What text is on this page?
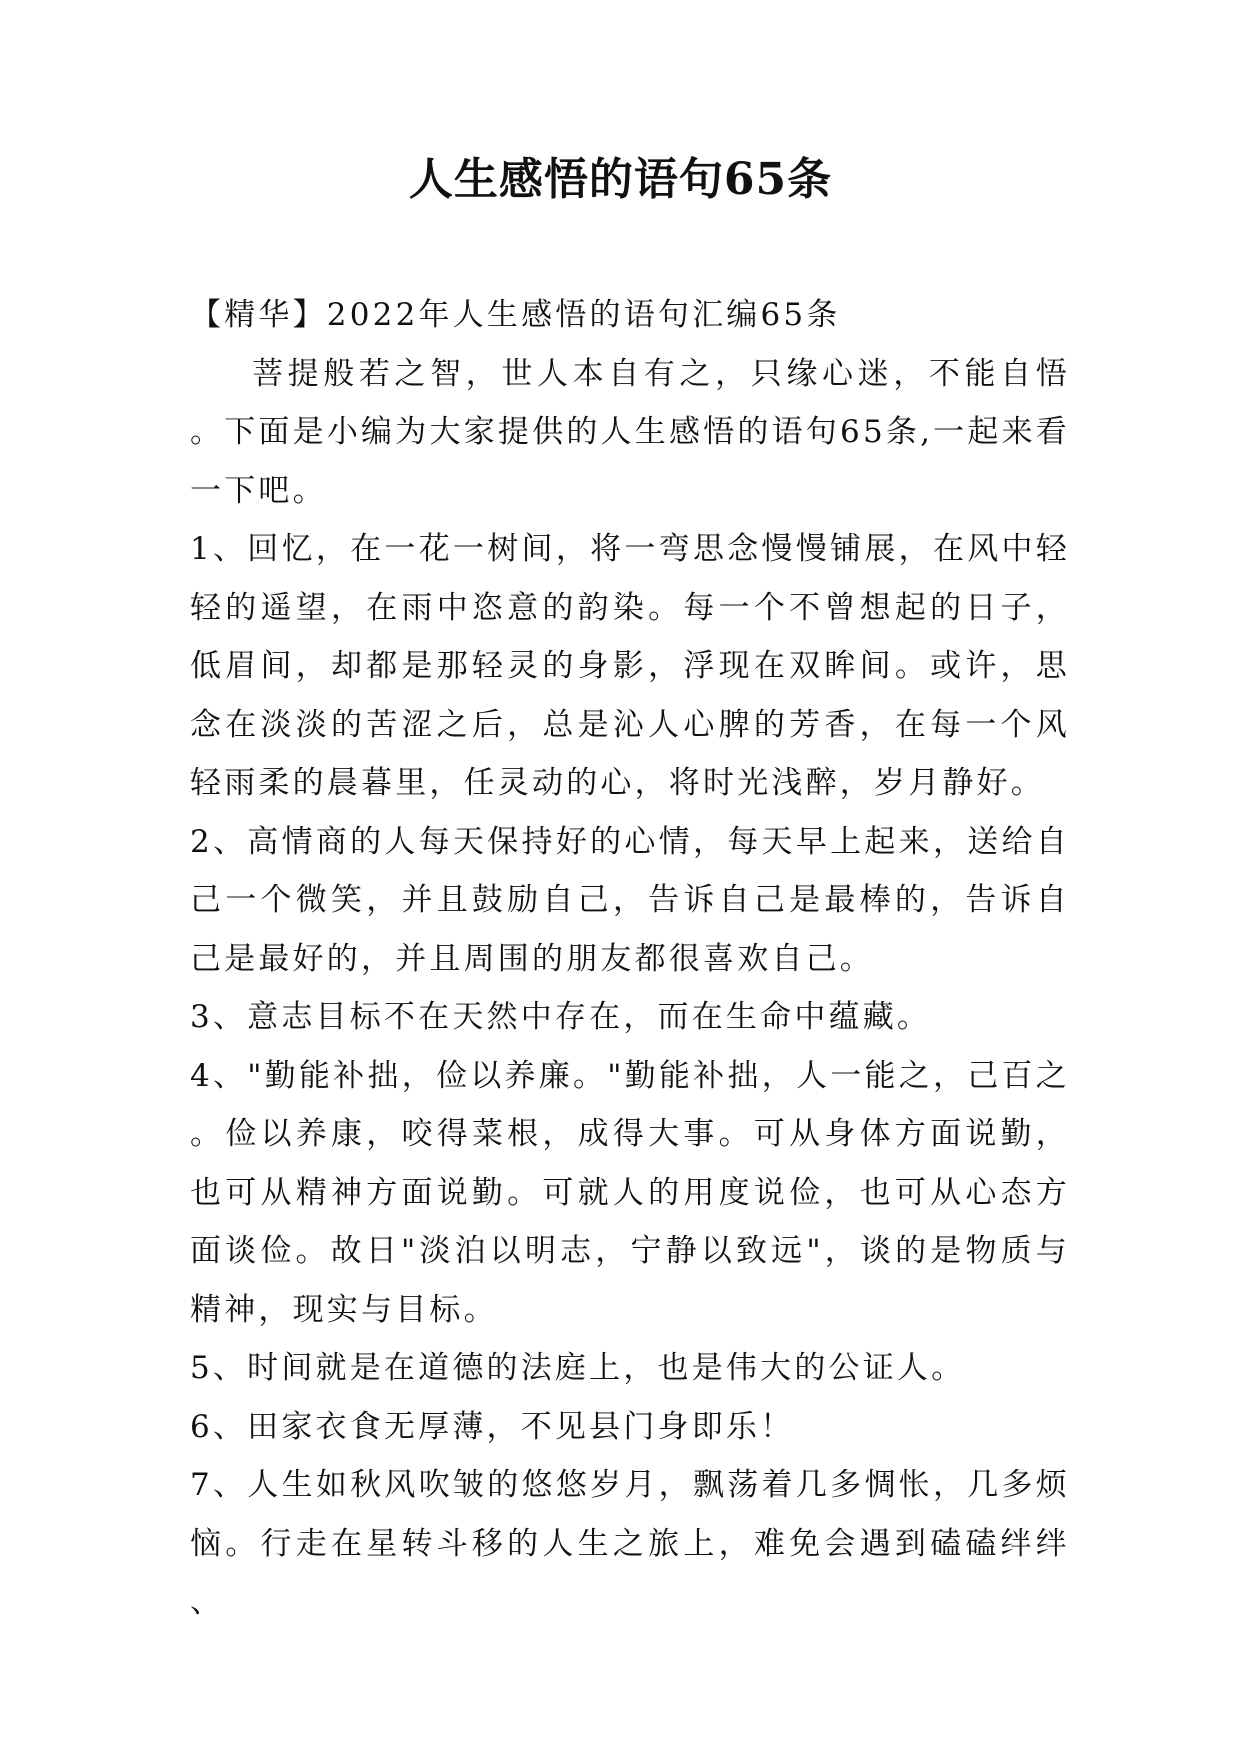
人生感悟的语句65条

【精华】2022年人生感悟的语句汇编65条

菩提般若之智，世人本自有之，只缘心迷，不能自悟。下面是小编为大家提供的人生感悟的语句65条,一起来看一下吧。

1、回忆，在一花一树间，将一弯思念慢慢铺展，在风中轻轻的遥望，在雨中恣意的韵染。每一个不曾想起的日子，低眉间，却都是那轻灵的身影，浮现在双眸间。或许，思念在淡淡的苦涩之后，总是沁人心脾的芳香，在每一个风轻雨柔的晨暮里，任灵动的心，将时光浅醉，岁月静好。

2、高情商的人每天保持好的心情，每天早上起来，送给自己一个微笑，并且鼓励自己，告诉自己是最棒的，告诉自己是最好的，并且周围的朋友都很喜欢自己。

3、意志目标不在天然中存在，而在生命中蕴藏。

4、"勤能补拙，俭以养廉。"勤能补拙，人一能之，己百之。俭以养康，咬得菜根，成得大事。可从身体方面说勤，也可从精神方面说勤。可就人的用度说俭，也可从心态方面谈俭。故日"淡泊以明志，宁静以致远"，谈的是物质与精神，现实与目标。

5、时间就是在道德的法庭上，也是伟大的公证人。

6、田家衣食无厚薄，不见县门身即乐！

7、人生如秋风吹皱的悠悠岁月，飘荡着几多惆怅，几多烦恼。行走在星转斗移的人生之旅上，难免会遇到磕磕绊绊、
